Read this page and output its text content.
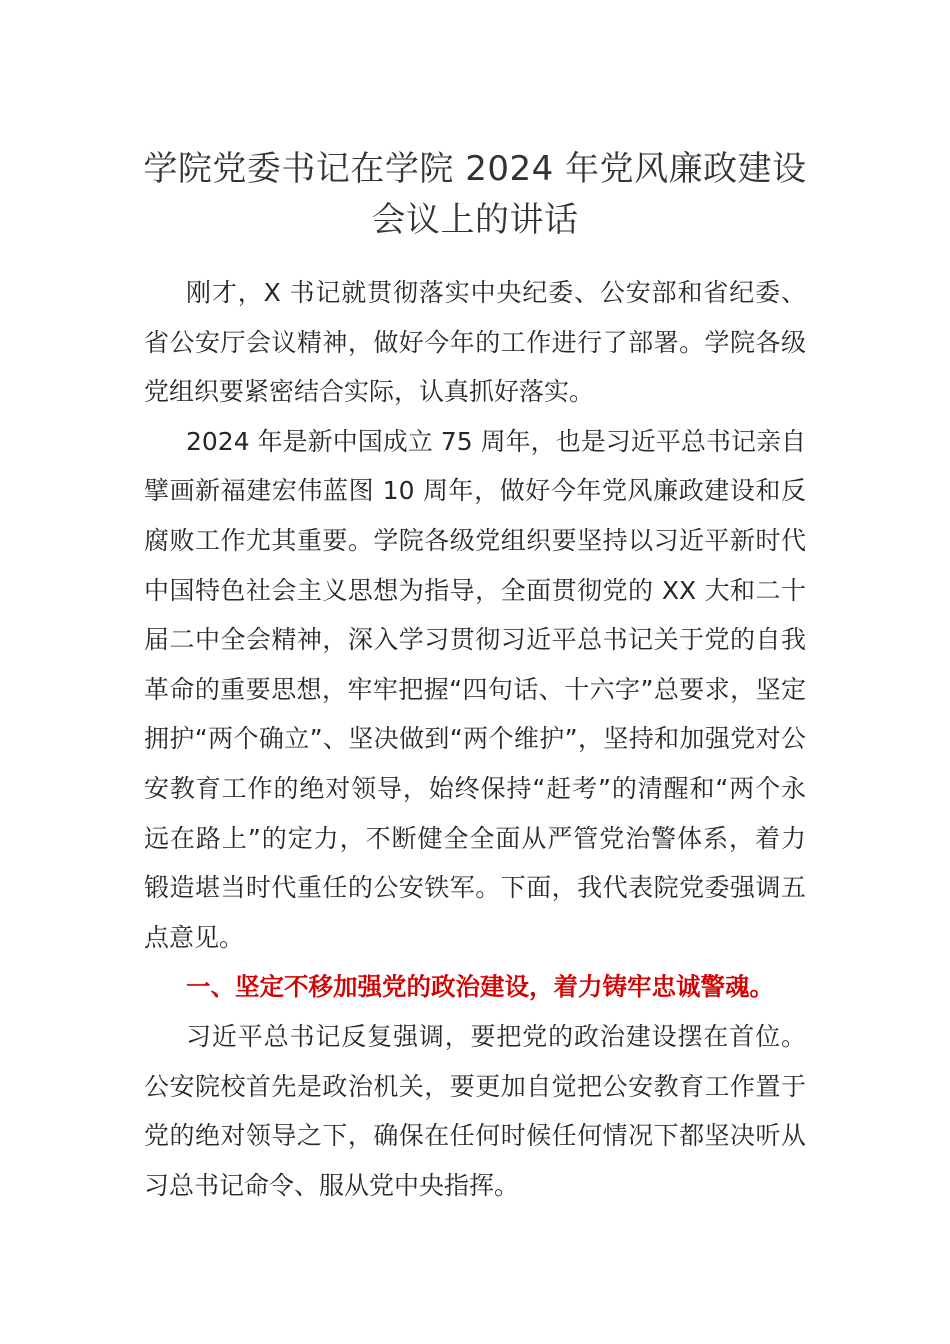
学院党委书记在学院 2024 年党风廉政建设会议上的讲话

刚才，X 书记就贯彻落实中央纪委、公安部和省纪委、省公安厅会议精神，做好今年的工作进行了部署。学院各级党组织要紧密结合实际，认真抓好落实。

2024 年是新中国成立 75 周年，也是习近平总书记亲自擘画新福建宏伟蓝图 10 周年，做好今年党风廉政建设和反腐败工作尤其重要。学院各级党组织要坚持以习近平新时代中国特色社会主义思想为指导，全面贯彻党的 XX 大和二十届二中全会精神，深入学习贯彻习近平总书记关于党的自我革命的重要思想，牢牢把握“四句话、十六字”总要求，坚定拥护“两个确立”、坚决做到“两个维护”，坚持和加强党对公安教育工作的绝对领导，始终保持“赶考”的清醒和“两个永远在路上”的定力，不断健全全面从严管党治警体系，着力锻造堪当时代重任的公安铁军。下面，我代表院党委强调五点意见。

一、坚定不移加强党的政治建设，着力铸牢忠诚警魂。

习近平总书记反复强调，要把党的政治建设摆在首位。公安院校首先是政治机关，要更加自觉把公安教育工作置于党的绝对领导之下，确保在任何时候任何情况下都坚决听从习总书记命令、服从党中央指挥。
